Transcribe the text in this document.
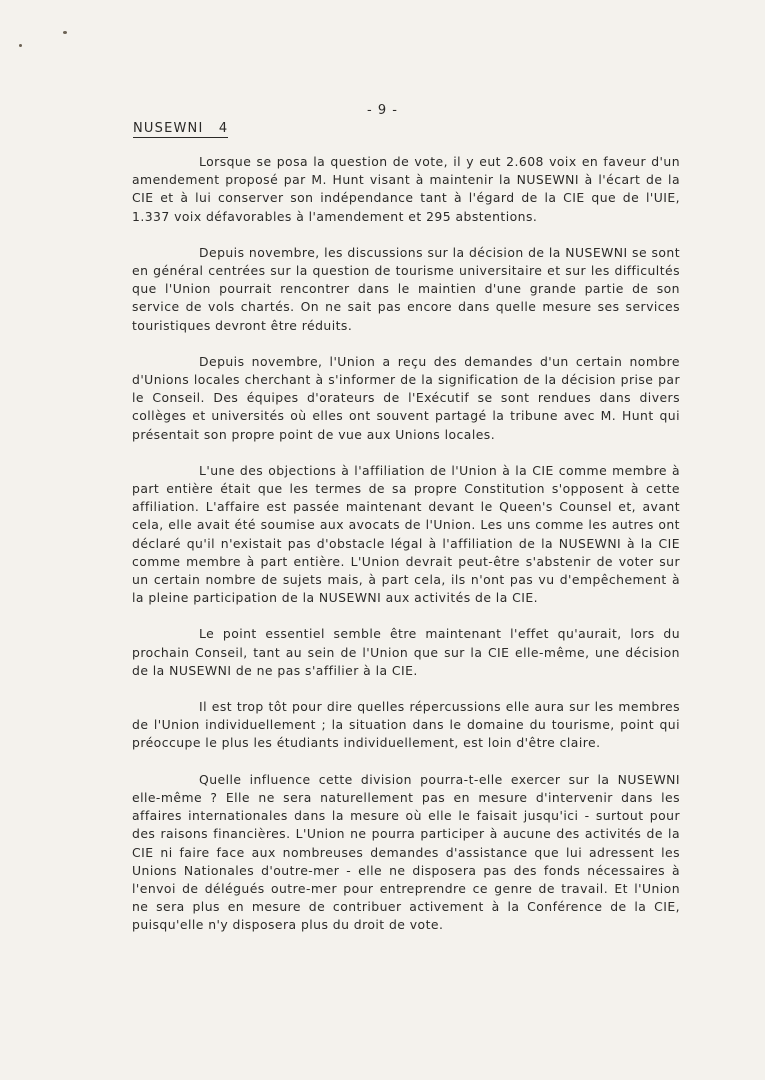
- 9 -
NUSEWNI 4

Lorsque se posa la question de vote, il y eut 2.608 voix en faveur d'un amendement proposé par M. Hunt visant à maintenir la NUSEWNI à l'écart de la CIE et à lui conserver son indépendance tant à l'égard de la CIE que de l'UIE, 1.337 voix défavorables à l'amendement et 295 abstentions.

Depuis novembre, les discussions sur la décision de la NUSEWNI se sont en général centrées sur la question de tourisme universitaire et sur les difficultés que l'Union pourrait rencontrer dans le maintien d'une grande partie de son service de vols chartés. On ne sait pas encore dans quelle mesure ses services touristiques devront être réduits.

Depuis novembre, l'Union a reçu des demandes d'un certain nombre d'Unions locales cherchant à s'informer de la signification de la décision prise par le Conseil. Des équipes d'orateurs de l'Exécutif se sont rendues dans divers collèges et universités où elles ont souvent partagé la tribune avec M. Hunt qui présentait son propre point de vue aux Unions locales.

L'une des objections à l'affiliation de l'Union à la CIE comme membre à part entière était que les termes de sa propre Constitution s'opposent à cette affiliation. L'affaire est passée maintenant devant le Queen's Counsel et, avant cela, elle avait été soumise aux avocats de l'Union. Les uns comme les autres ont déclaré qu'il n'existait pas d'obstacle légal à l'affiliation de la NUSEWNI à la CIE comme membre à part entière. L'Union devrait peut-être s'abstenir de voter sur un certain nombre de sujets mais, à part cela, ils n'ont pas vu d'empêchement à la pleine participation de la NUSEWNI aux activités de la CIE.

Le point essentiel semble être maintenant l'effet qu'aurait, lors du prochain Conseil, tant au sein de l'Union que sur la CIE elle-même, une décision de la NUSEWNI de ne pas s'affilier à la CIE.

Il est trop tôt pour dire quelles répercussions elle aura sur les membres de l'Union individuellement ; la situation dans le domaine du tourisme, point qui préoccupe le plus les étudiants individuellement, est loin d'être claire.

Quelle influence cette division pourra-t-elle exercer sur la NUSEWNI elle-même ? Elle ne sera naturellement pas en mesure d'intervenir dans les affaires internationales dans la mesure où elle le faisait jusqu'ici - surtout pour des raisons financières. L'Union ne pourra participer à aucune des activités de la CIE ni faire face aux nombreuses demandes d'assistance que lui adressent les Unions Nationales d'outre-mer - elle ne disposera pas des fonds nécessaires à l'envoi de délégués outre-mer pour entreprendre ce genre de travail. Et l'Union ne sera plus en mesure de contribuer activement à la Conférence de la CIE, puisqu'elle n'y disposera plus du droit de vote.
